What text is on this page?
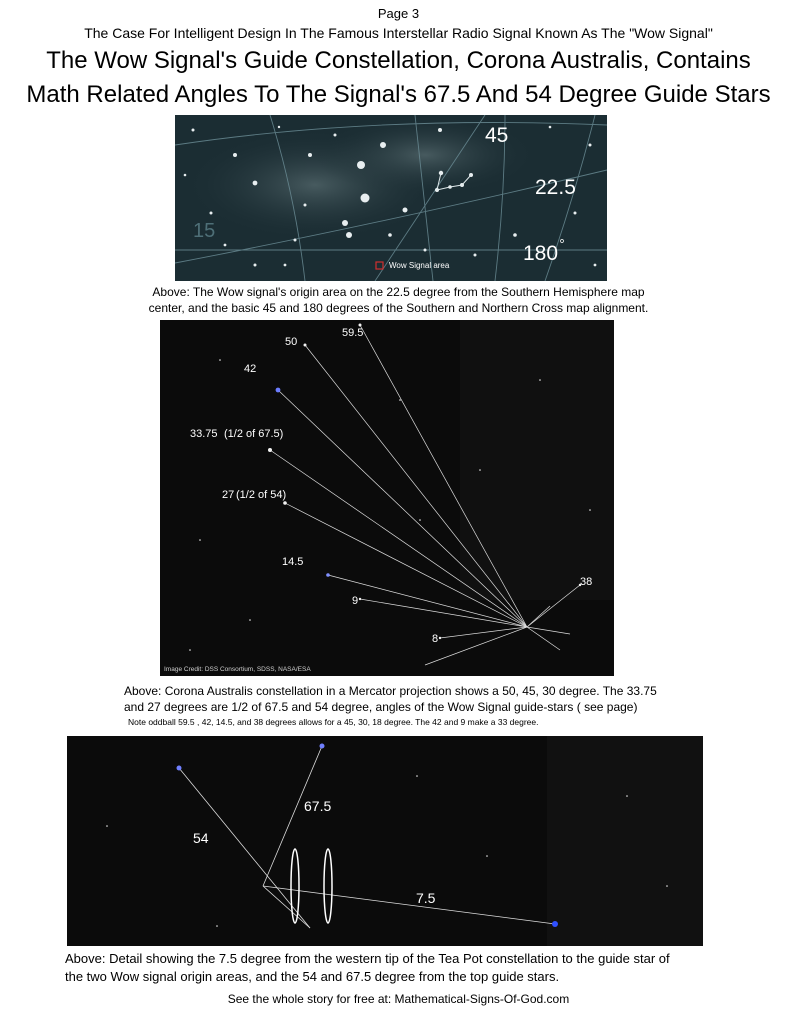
Page 3
The Case For Intelligent Design In The Famous Interstellar Radio Signal Known As The "Wow Signal"
The Wow Signal's Guide Constellation, Corona Australis, Contains
Math Related Angles To The Signal's 67.5 And 54 Degree Guide Stars
45
22.5
180
15
Wow Signal area
Above: The Wow signal's origin area on the 22.5 degree from the Southern Hemisphere map
center, and the basic 45 and 180 degrees of the Southern and Northern Cross map alignment.
59.5
50
42
33.75 (1/2 of 67.5)
27 (1/2 of 54)
14.5
9
8
38
Image Credit: DSS Consortium, SDSS, NASA/ESA
Above: Corona Australis constellation in a Mercator projection shows a 50, 45, 30 degree. The 33.75
and 27 degrees are 1/2 of 67.5 and 54 degree, angles of the Wow Signal guide-stars ( see page)
Note oddball 59.5 , 42, 14.5, and 38 degrees allows for a 45, 30, 18 degree. The 42 and 9 make a 33 degree.
67.5
54
7.5
Above: Detail showing the 7.5 degree from the western tip of the Tea Pot constellation to the guide star of
the two Wow signal origin areas, and the 54 and 67.5 degree from the top guide stars.
See the whole story for free at: Mathematical-Signs-Of-God.com
